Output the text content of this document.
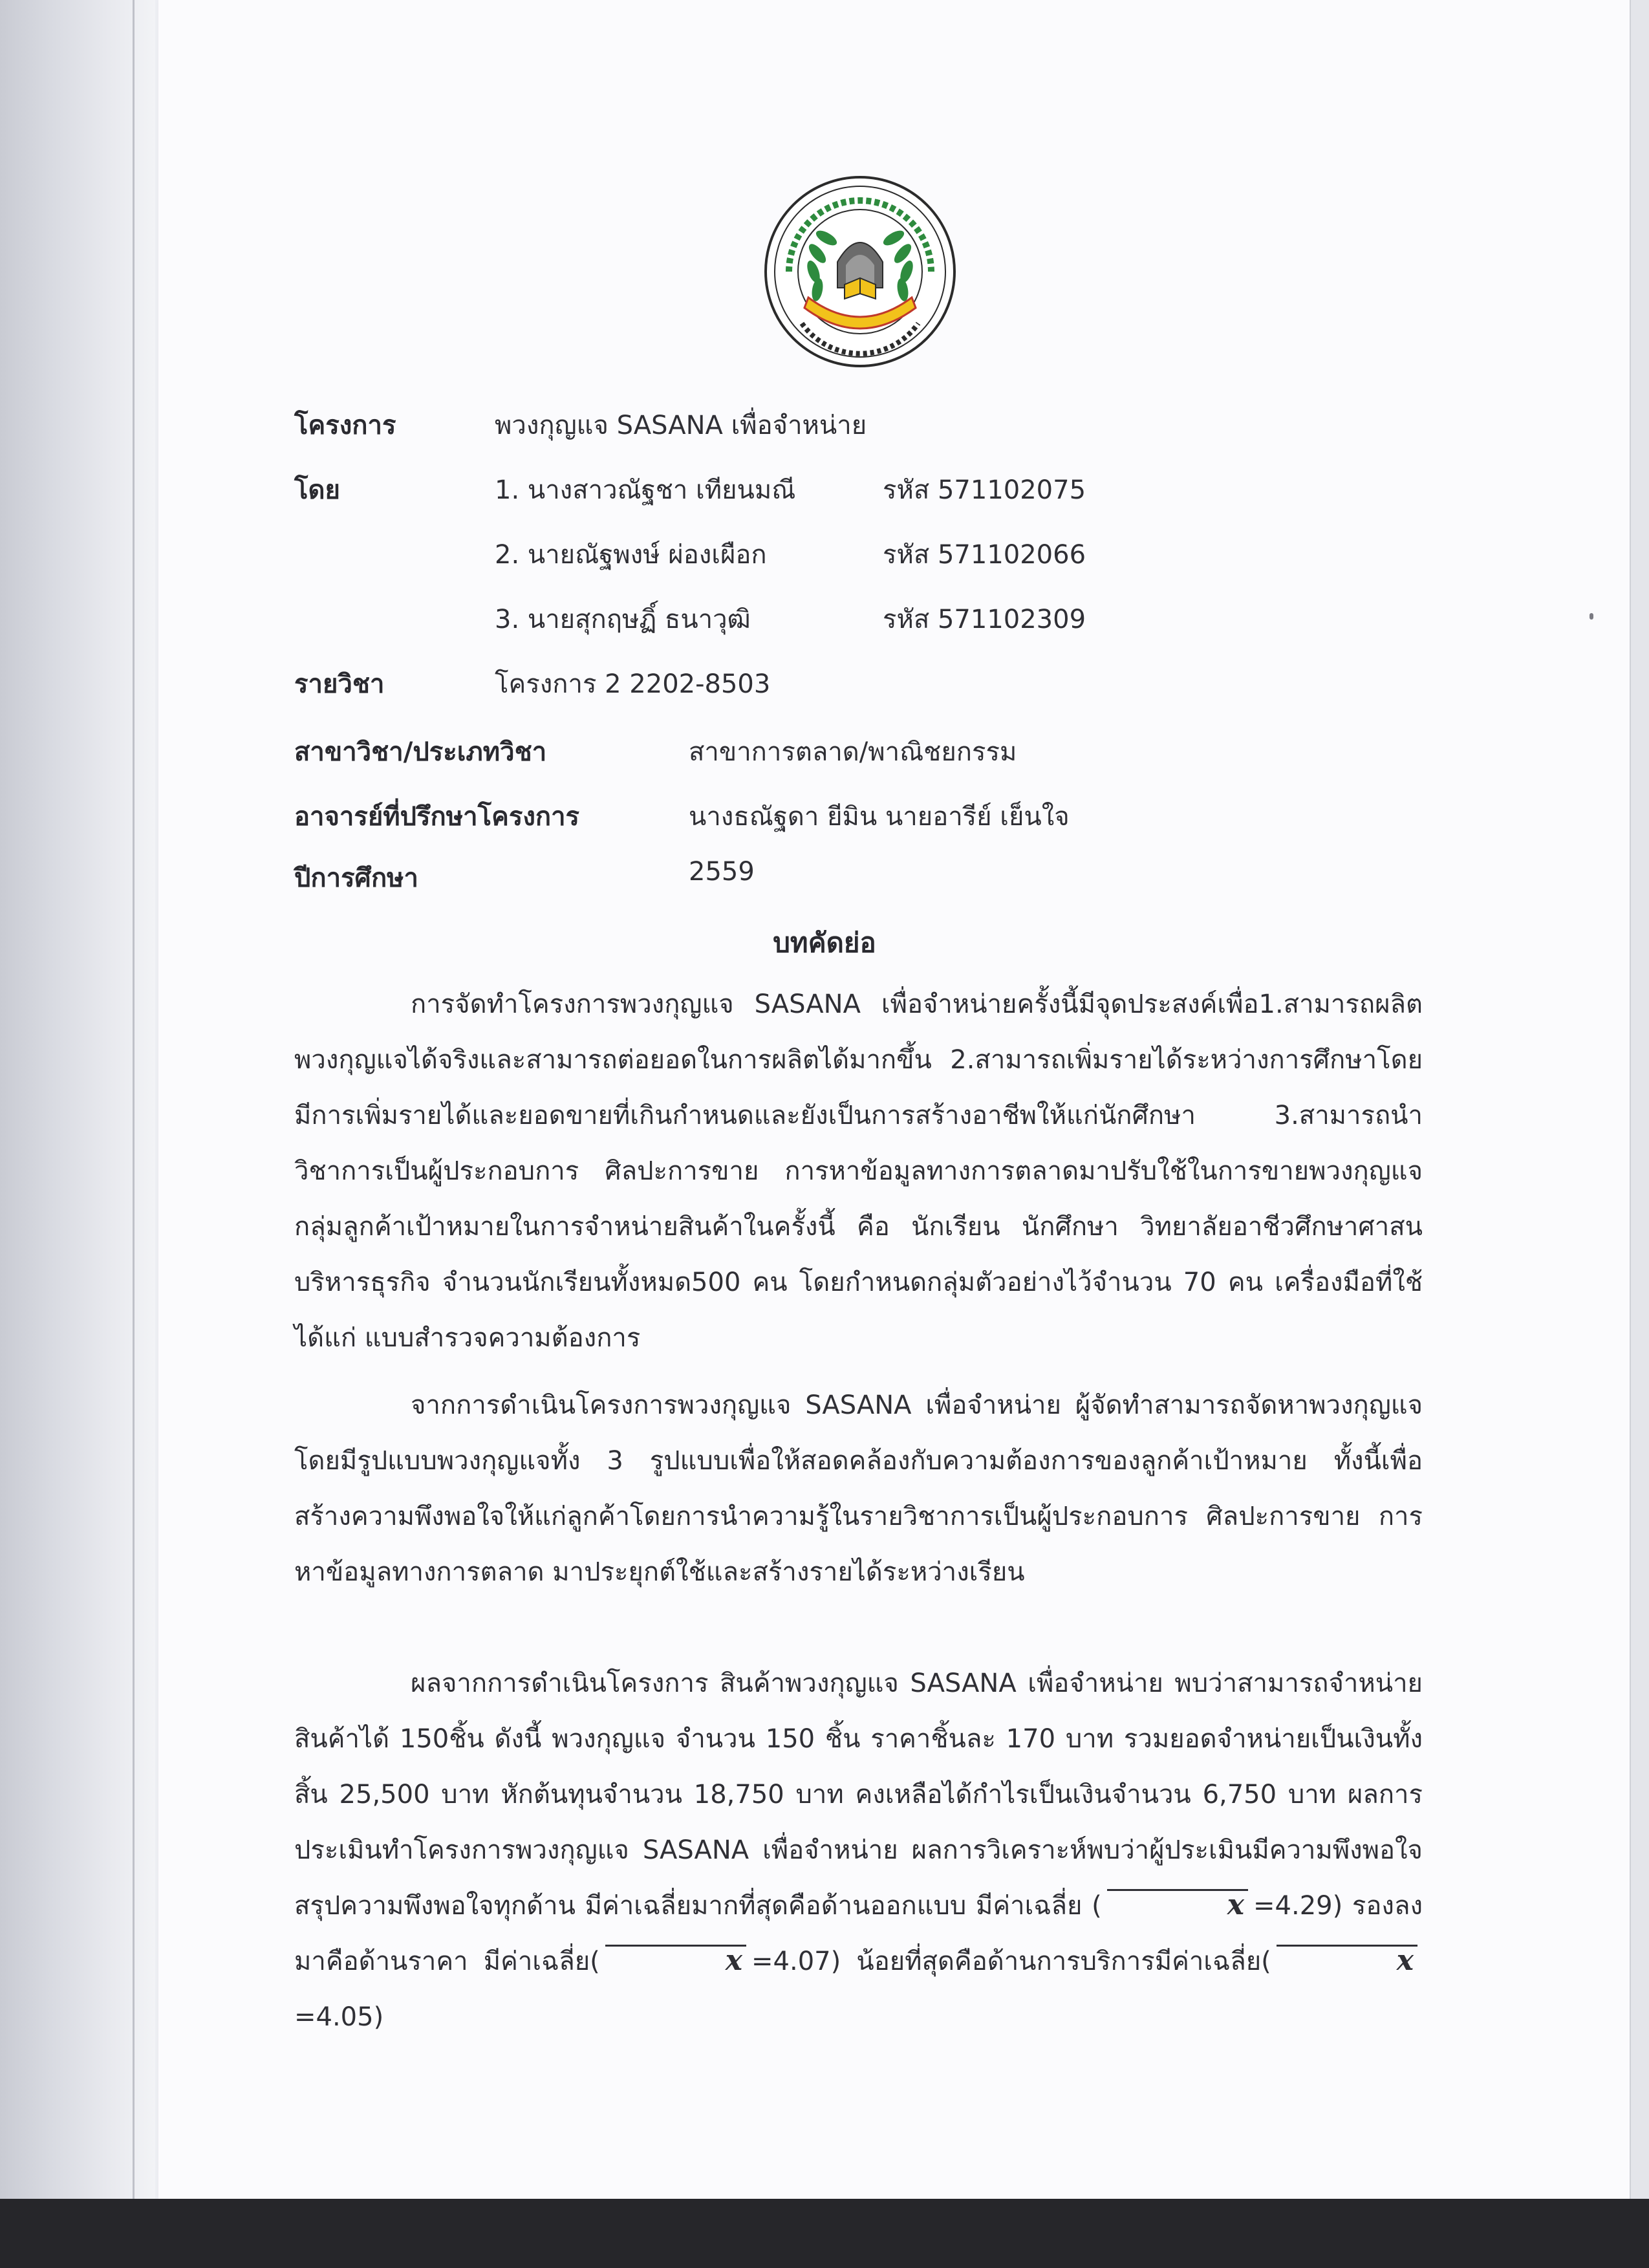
โครงการ	พวงกุญแจ SASANA เพื่อจำหน่าย
โดย	1. นางสาวณัฐชา เทียนมณี	รหัส 571102075
2. นายณัฐพงษ์ ผ่องเผือก	รหัส 571102066
3. นายสุกฤษฏิ์ ธนาวุฒิ	รหัส 571102309
รายวิชา	โครงการ 2 2202-8503
สาขาวิชา/ประเภทวิชา	สาขาการตลาด/พาณิชยกรรม
อาจารย์ที่ปรึกษาโครงการ	นางธณัฐดา ยีมิน นายอารีย์ เย็นใจ
ปีการศึกษา	2559
บทคัดย่อ
การจัดทำโครงการพวงกุญแจ SASANA เพื่อจำหน่ายครั้งนี้มีจุดประสงค์เพื่อ1.สามารถผลิตพวงกุญแจได้จริงและสามารถต่อยอดในการผลิตได้มากขึ้น 2.สามารถเพิ่มรายได้ระหว่างการศึกษาโดยมีการเพิ่มรายได้และยอดขายที่เกินกำหนดและยังเป็นการสร้างอาชีพให้แก่นักศึกษา 3.สามารถนำวิชาการเป็นผู้ประกอบการ ศิลปะการขาย การหาข้อมูลทางการตลาดมาปรับใช้ในการขายพวงกุญแจ กลุ่มลูกค้าเป้าหมายในการจำหน่ายสินค้าในครั้งนี้ คือ นักเรียน นักศึกษา วิทยาลัยอาชีวศึกษาศาสนบริหารธุรกิจ จำนวนนักเรียนทั้งหมด500 คน โดยกำหนดกลุ่มตัวอย่างไว้จำนวน 70 คน เครื่องมือที่ใช้ ได้แก่ แบบสำรวจความต้องการ
จากการดำเนินโครงการพวงกุญแจ SASANA เพื่อจำหน่าย ผู้จัดทำสามารถจัดหาพวงกุญแจโดยมีรูปแบบพวงกุญแจทั้ง 3 รูปแบบเพื่อให้สอดคล้องกับความต้องการของลูกค้าเป้าหมาย ทั้งนี้เพื่อสร้างความพึงพอใจให้แก่ลูกค้าโดยการนำความรู้ในรายวิชาการเป็นผู้ประกอบการ ศิลปะการขาย การหาข้อมูลทางการตลาด มาประยุกต์ใช้และสร้างรายได้ระหว่างเรียน
ผลจากการดำเนินโครงการ สินค้าพวงกุญแจ SASANA เพื่อจำหน่าย พบว่าสามารถจำหน่ายสินค้าได้ 150ชิ้น ดังนี้ พวงกุญแจ จำนวน 150 ชิ้น ราคาชิ้นละ 170 บาท รวมยอดจำหน่ายเป็นเงินทั้งสิ้น 25,500 บาท หักต้นทุนจำนวน 18,750 บาท คงเหลือได้กำไรเป็นเงินจำนวน 6,750 บาท ผลการประเมินทำโครงการพวงกุญแจ SASANA เพื่อจำหน่าย ผลการวิเคราะห์พบว่าผู้ประเมินมีความพึงพอใจสรุปความพึงพอใจทุกด้าน มีค่าเฉลี่ยมากที่สุดคือด้านออกแบบ มีค่าเฉลี่ย (	x =4.29) รองลงมาคือด้านราคา มีค่าเฉลี่ย(	x =4.07) น้อยที่สุดคือด้านการบริการมีค่าเฉลี่ย(	x=4.05)
